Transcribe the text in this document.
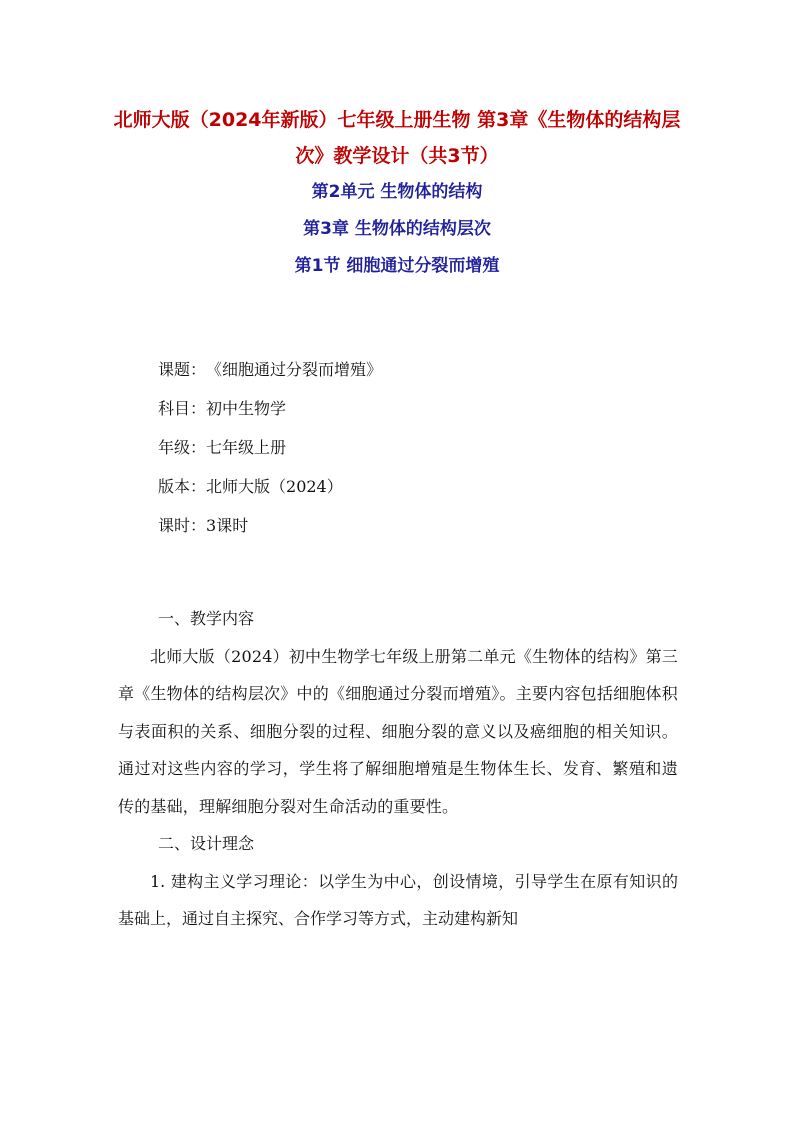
北师大版（2024年新版）七年级上册生物 第3章《生物体的结构层次》教学设计（共3节）
第2单元 生物体的结构
第3章 生物体的结构层次
第1节 细胞通过分裂而增殖
课题： 《细胞通过分裂而增殖》
科目： 初中生物学
年级： 七年级上册
版本： 北师大版（2024）
课时： 3课时
一、教学内容

北师大版（2024）初中生物学七年级上册第二单元《生物体的结构》第三章《生物体的结构层次》中的《细胞通过分裂而增殖》。主要内容包括细胞体积与表面积的关系、细胞分裂的过程、细胞分裂的意义以及癌细胞的相关知识。通过对这些内容的学习，学生将了解细胞增殖是生物体生长、发育、繁殖和遗传的基础，理解细胞分裂对生命活动的重要性。

二、设计理念

1. 建构主义学习理论：以学生为中心，创设情境，引导学生在原有知识的基础上，通过自主探究、合作学习等方式，主动建构新知
